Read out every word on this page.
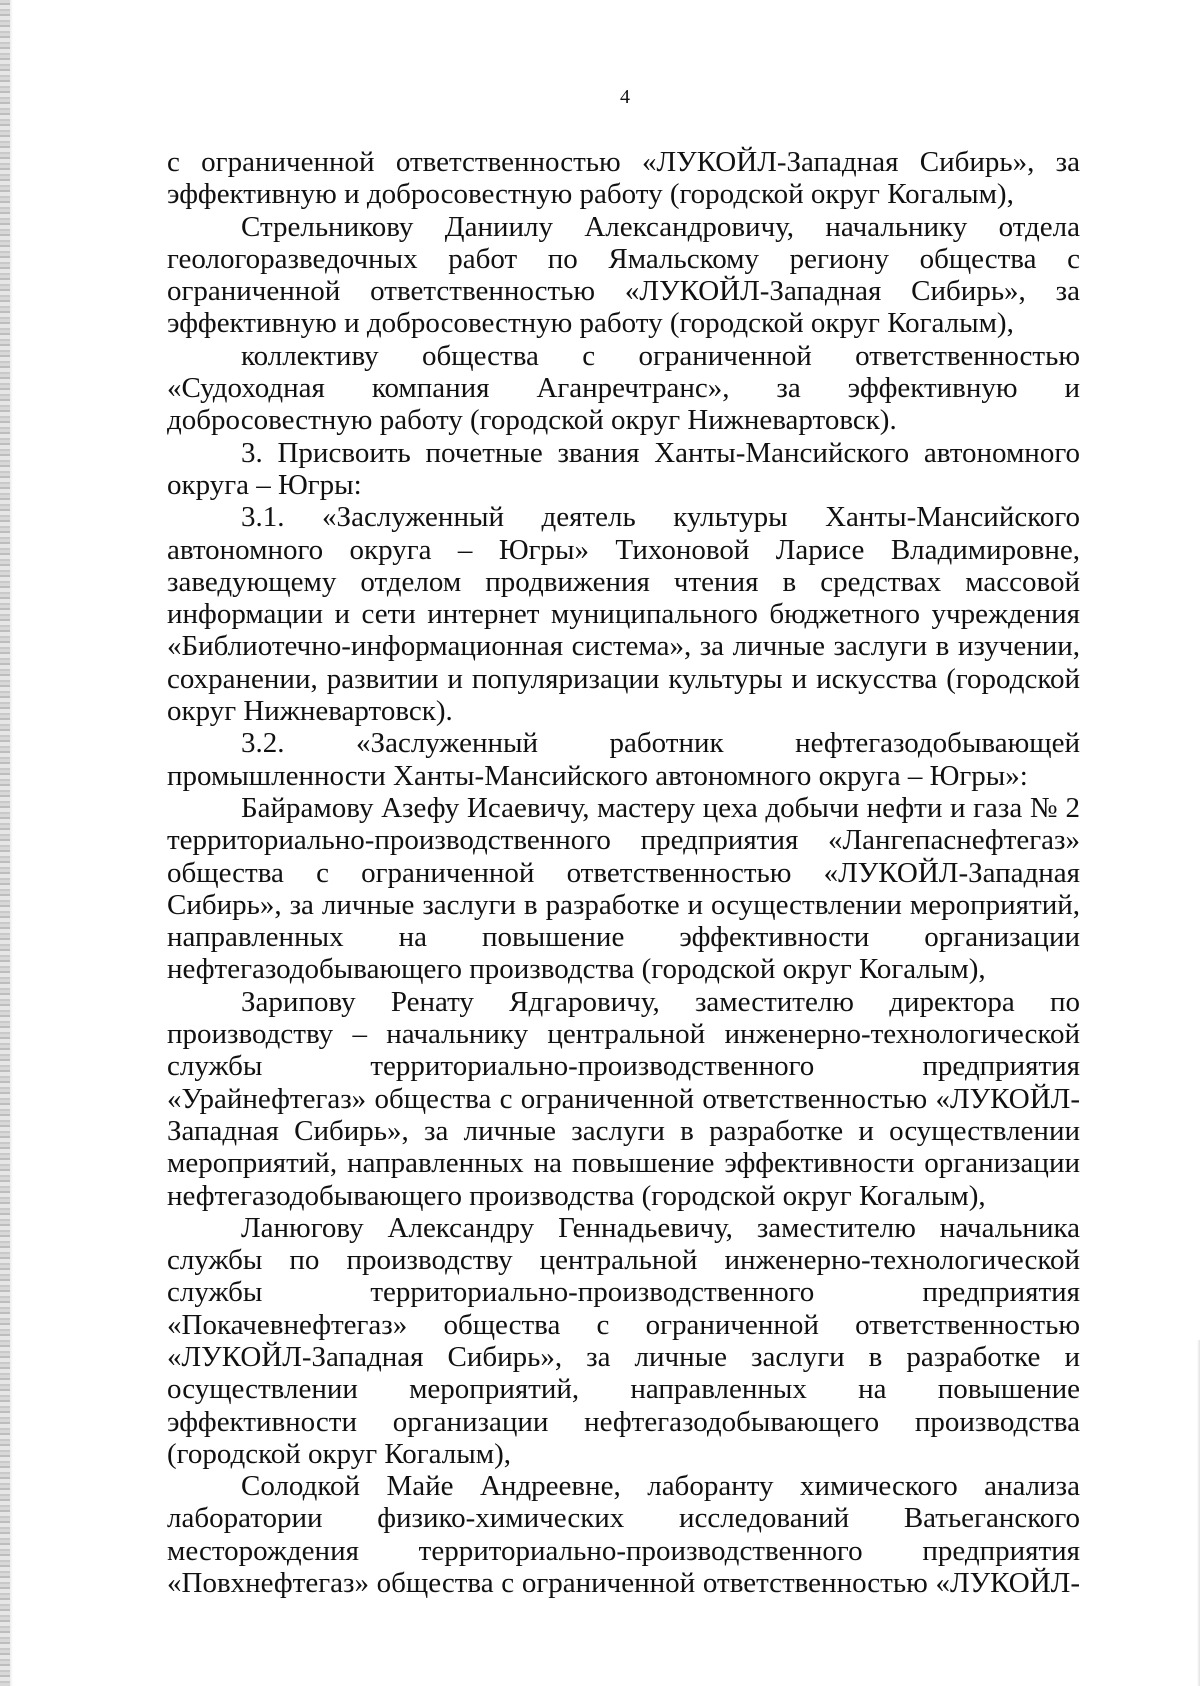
4

с ограниченной ответственностью «ЛУКОЙЛ-Западная Сибирь», за эффективную и добросовестную работу (городской округ Когалым),

Стрельникову Даниилу Александровичу, начальнику отдела геологоразведочных работ по Ямальскому региону общества с ограниченной ответственностью «ЛУКОЙЛ-Западная Сибирь», за эффективную и добросовестную работу (городской округ Когалым),

коллективу общества с ограниченной ответственностью «Судоходная компания Аганречтранс», за эффективную и добросовестную работу (городской округ Нижневартовск).

3. Присвоить почетные звания Ханты-Мансийского автономного округа – Югры:

3.1. «Заслуженный деятель культуры Ханты-Мансийского автономного округа – Югры» Тихоновой Ларисе Владимировне, заведующему отделом продвижения чтения в средствах массовой информации и сети интернет муниципального бюджетного учреждения «Библиотечно-информационная система», за личные заслуги в изучении, сохранении, развитии и популяризации культуры и искусства (городской округ Нижневартовск).

3.2. «Заслуженный работник нефтегазодобывающей промышленности Ханты-Мансийского автономного округа – Югры»:

Байрамову Азефу Исаевичу, мастеру цеха добычи нефти и газа № 2 территориально-производственного предприятия «Лангепаснефтегаз» общества с ограниченной ответственностью «ЛУКОЙЛ-Западная Сибирь», за личные заслуги в разработке и осуществлении мероприятий, направленных на повышение эффективности организации нефтегазодобывающего производства (городской округ Когалым),

Зарипову Ренату Ядгаровичу, заместителю директора по производству – начальнику центральной инженерно-технологической службы территориально-производственного предприятия «Урайнефтегаз» общества с ограниченной ответственностью «ЛУКОЙЛ-Западная Сибирь», за личные заслуги в разработке и осуществлении мероприятий, направленных на повышение эффективности организации нефтегазодобывающего производства (городской округ Когалым),

Ланюгову Александру Геннадьевичу, заместителю начальника службы по производству центральной инженерно-технологической службы территориально-производственного предприятия «Покачевнефтегаз» общества с ограниченной ответственностью «ЛУКОЙЛ-Западная Сибирь», за личные заслуги в разработке и осуществлении мероприятий, направленных на повышение эффективности организации нефтегазодобывающего производства (городской округ Когалым),

Солодкой Майе Андреевне, лаборанту химического анализа лаборатории физико-химических исследований Ватьеганского месторождения территориально-производственного предприятия «Повхнефтегаз» общества с ограниченной ответственностью «ЛУКОЙЛ-
